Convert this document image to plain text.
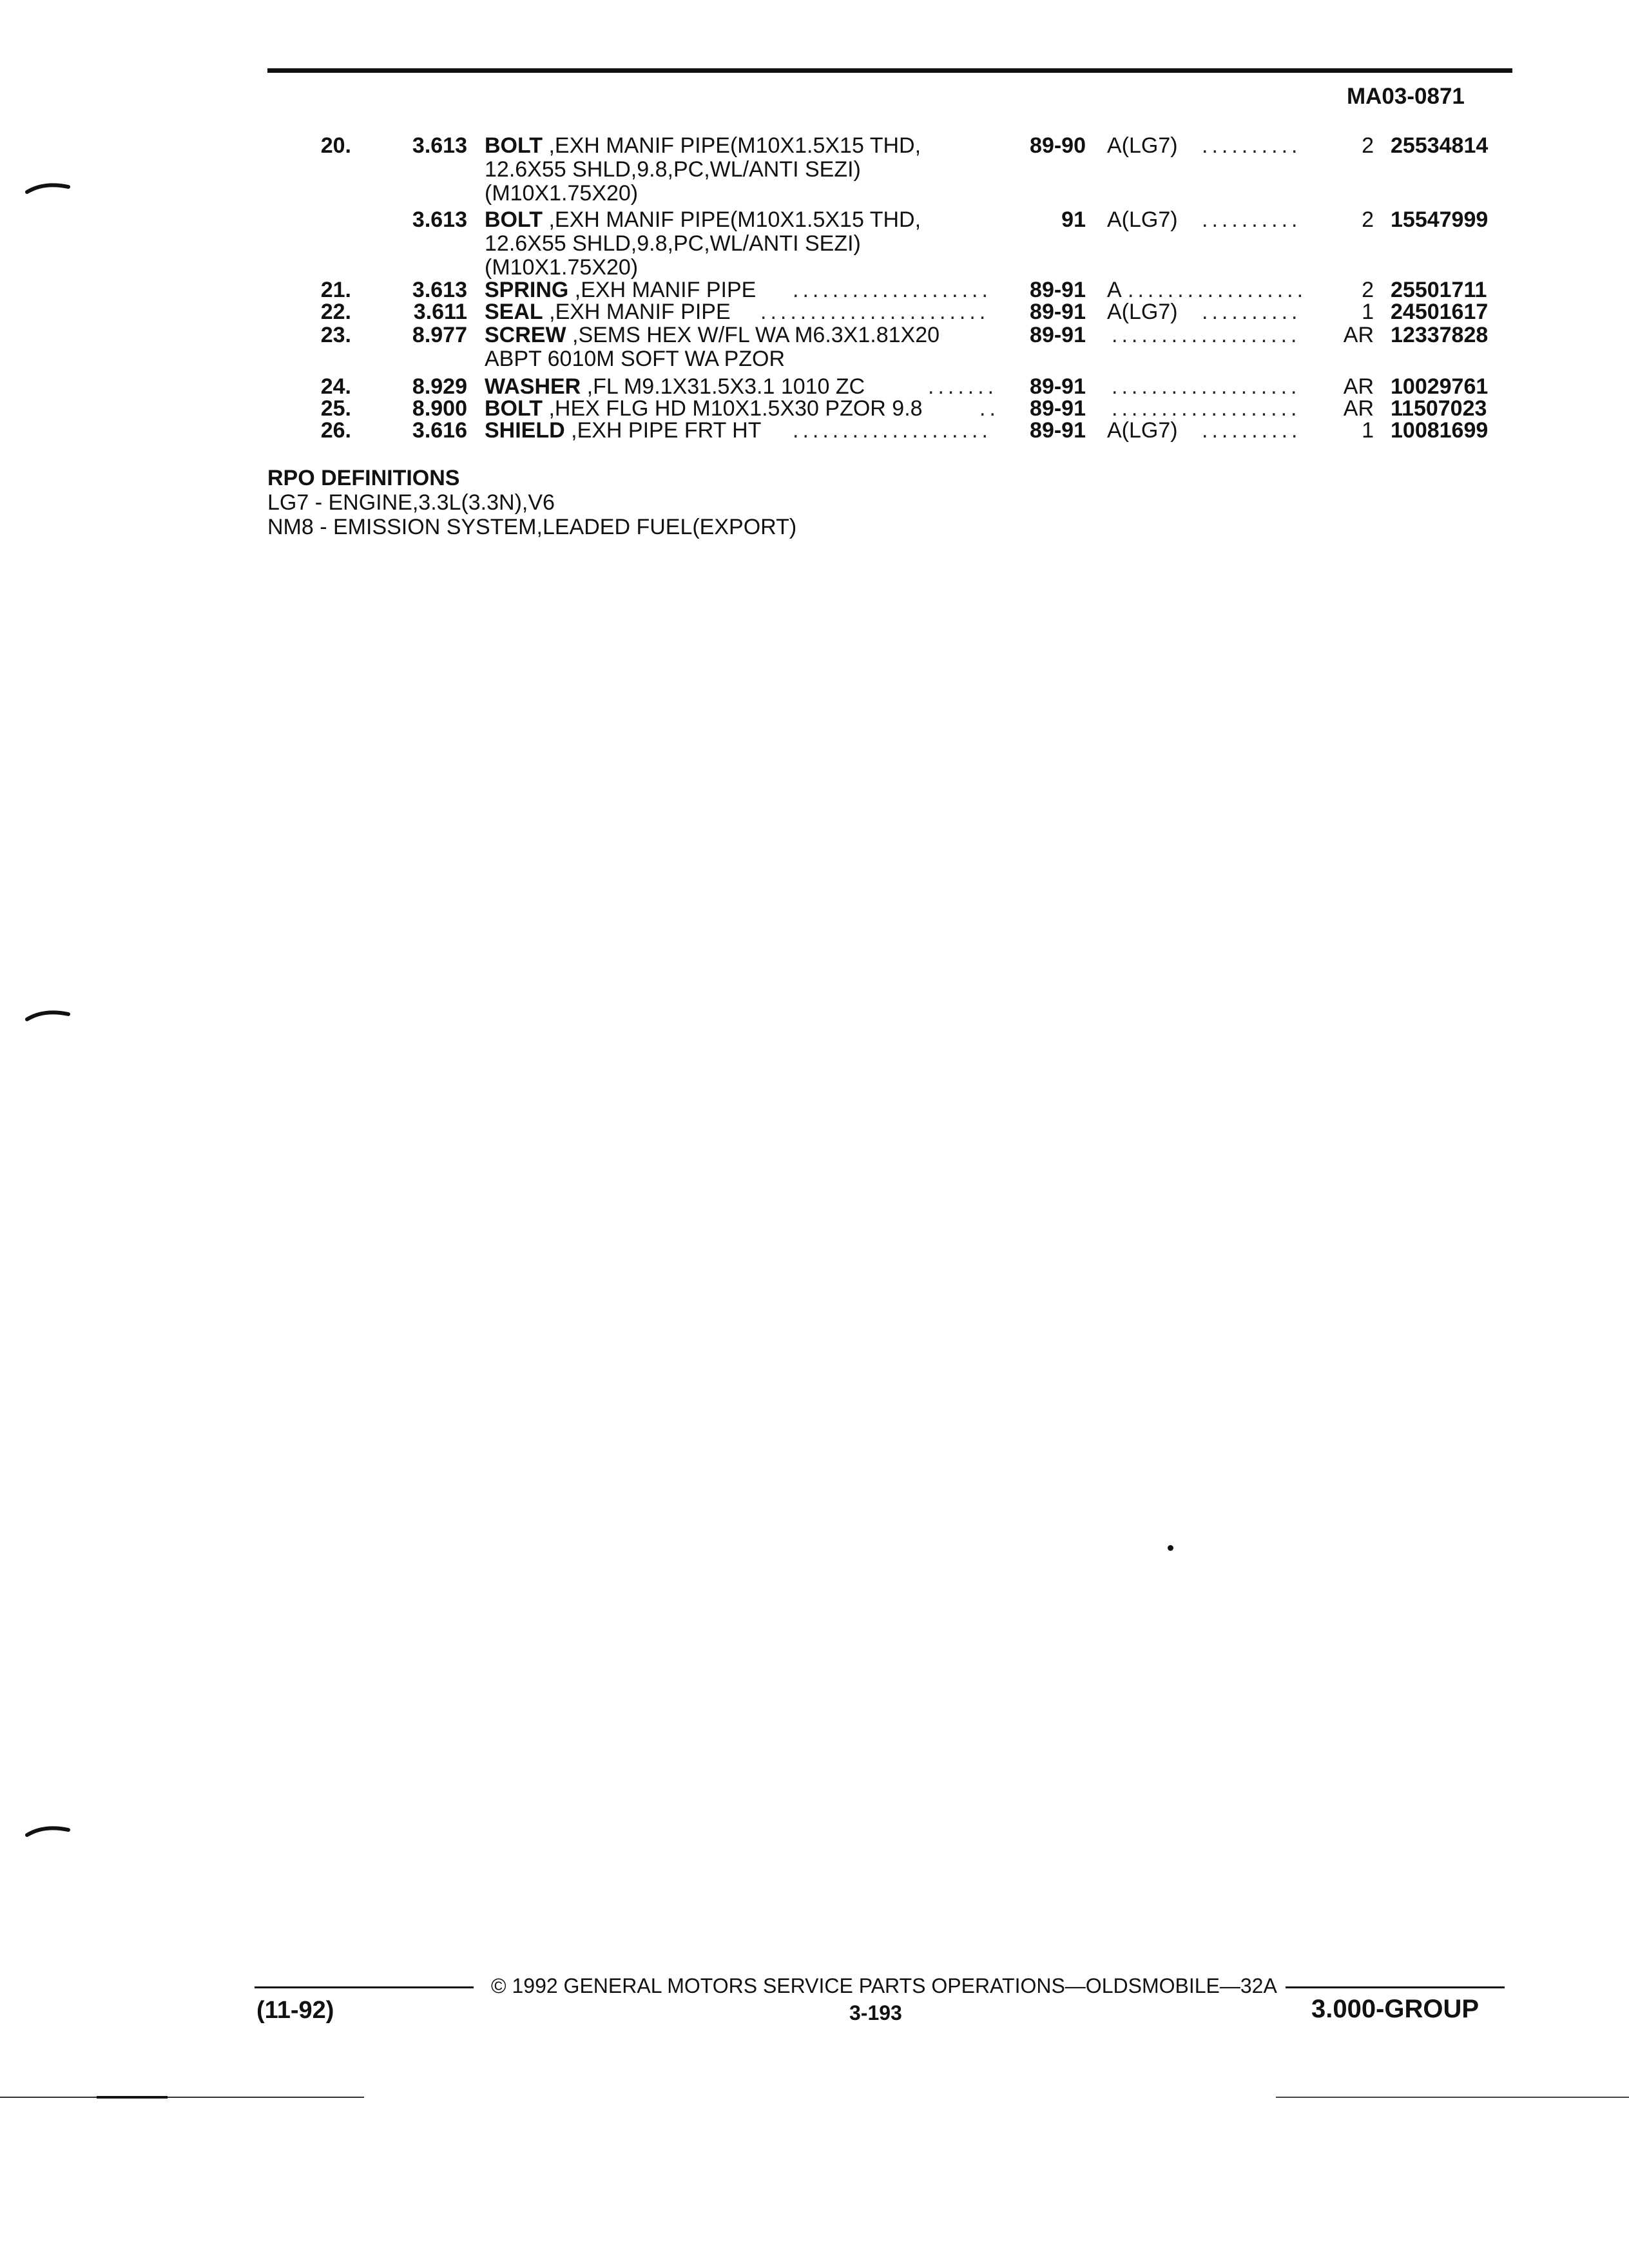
MA03-0871
20.	3.613 BOLT ,EXH MANIF PIPE(M10X1.5X15 THD,
12.6X55 SHLD,9.8,PC,WL/ANTI SEZI)
(M10X1.75X20)
89-90 A(LG7) ..........	2 25534814
3.613 BOLT ,EXH MANIF PIPE(M10X1.5X15 THD,
12.6X55 SHLD,9.8,PC,WL/ANTI SEZI)
(M10X1.75X20)
91 A(LG7) ..........	2 15547999
21.	3.613 SPRING ,EXH MANIF PIPE ....................	89-91 A ..................	2 25501711
22.	3.611 SEAL ,EXH MANIF PIPE .......................	89-91 A(LG7) ..........	1 24501617
23.	8.977 SCREW ,SEMS HEX W/FL WA M6.3X1.81X20
ABPT 6010M SOFT WA PZOR
89-91 ...................	AR 12337828
24.	8.929 WASHER ,FL M9.1X31.5X3.1 1010 ZC	.......	89-91 ...................	AR 10029761
25.	8.900 BOLT ,HEX FLG HD M10X1.5X30 PZOR 9.8	..	89-91 ...................	AR 11507023
26.	3.616 SHIELD ,EXH PIPE FRT HT ....................	89-91 A(LG7) ..........	1 10081699
RPO DEFINITIONS
LG7 - ENGINE,3.3L(3.3N),V6
NM8 - EMISSION SYSTEM,LEADED FUEL(EXPORT)
© 1992 GENERAL MOTORS SERVICE PARTS OPERATIONS—OLDSMOBILE—32A
(11-92)	3-193	3.000-GROUP
